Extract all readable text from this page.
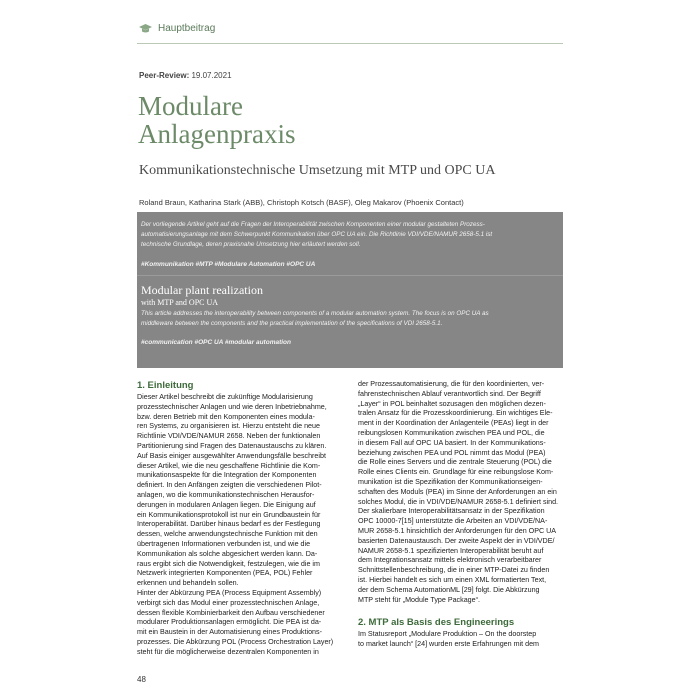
Hauptbeitrag
Peer-Review: 19.07.2021
Modulare
Anlagenpraxis
Kommunikationstechnische Umsetzung mit MTP und OPC UA
Roland Braun, Katharina Stark (ABB), Christoph Kotsch (BASF), Oleg Makarov (Phoenix Contact)
Der vorliegende Artikel geht auf die Fragen der Interoperabilität zwischen Komponenten einer modular gestalteten Prozess-
automatisierungsanlage mit dem Schwerpunkt Kommunikation über OPC UA ein. Die Richtlinie VDI/VDE/NAMUR 2658-5.1 ist
technische Grundlage, deren praxisnahe Umsetzung hier erläutert werden soll.
#Kommunikation #MTP #Modulare Automation #OPC UA
Modular plant realization
with MTP and OPC UA
This article addresses the interoperability between components of a modular automation system. The focus is on OPC UA as
middleware between the components and the practical implementation of the specifications of VDI 2658-5.1.
#communication #OPC UA #modular automation
1. Einleitung
Dieser Artikel beschreibt die zukünftige Modularisierung
prozesstechnischer Anlagen und wie deren Inbetriebnahme,
bzw. deren Betrieb mit den Komponenten eines modula-
ren Systems, zu organisieren ist. Hierzu entsteht die neue
Richtlinie VDI/VDE/NAMUR 2658. Neben der funktionalen
Partitionierung sind Fragen des Datenaustauschs zu klären.
Auf Basis einiger ausgewählter Anwendungsfälle beschreibt
dieser Artikel, wie die neu geschaffene Richtlinie die Kom-
munikationsaspekte für die Integration der Komponenten
definiert. In den Anfängen zeigten die verschiedenen Pilot-
anlagen, wo die kommunikationstechnischen Herausfor-
derungen in modularen Anlagen liegen. Die Einigung auf
ein Kommunikationsprotokoll ist nur ein Grundbaustein für
Interoperabilität. Darüber hinaus bedarf es der Festlegung
dessen, welche anwendungstechnische Funktion mit den
übertragenen Informationen verbunden ist, und wie die
Kommunikation als solche abgesichert werden kann. Da-
raus ergibt sich die Notwendigkeit, festzulegen, wie die im
Netzwerk integrierten Komponenten (PEA, POL) Fehler
erkennen und behandeln sollen.
Hinter der Abkürzung PEA (Process Equipment Assembly)
verbirgt sich das Modul einer prozesstechnischen Anlage,
dessen flexible Kombinierbarkeit den Aufbau verschiedener
modularer Produktionsanlagen ermöglicht. Die PEA ist da-
mit ein Baustein in der Automatisierung eines Produktions-
prozesses. Die Abkürzung POL (Process Orchestration Layer)
steht für die möglicherweise dezentralen Komponenten in
der Prozessautomatisierung, die für den koordinierten, ver-
fahrenstechnischen Ablauf verantwortlich sind. Der Begriff
„Layer“ in POL beinhaltet sozusagen den möglichen dezen-
tralen Ansatz für die Prozesskoordinierung. Ein wichtiges Ele-
ment in der Koordination der Anlagenteile (PEAs) liegt in der
reibungslosen Kommunikation zwischen PEA und POL, die
in diesem Fall auf OPC UA basiert. In der Kommunikations-
beziehung zwischen PEA und POL nimmt das Modul (PEA)
die Rolle eines Servers und die zentrale Steuerung (POL) die
Rolle eines Clients ein. Grundlage für eine reibungslose Kom-
munikation ist die Spezifikation der Kommunikationseigen-
schaften des Moduls (PEA) im Sinne der Anforderungen an ein
solches Modul, die in VDI/VDE/NAMUR 2658-5.1 definiert sind.
Der skalierbare Interoperabilitätsansatz in der Spezifikation
OPC 10000-7[15] unterstützte die Arbeiten an VDI/VDE/NA-
MUR 2658-5.1 hinsichtlich der Anforderungen für den OPC UA
basierten Datenaustausch. Der zweite Aspekt der in VDI/VDE/
NAMUR 2658-5.1 spezifizierten Interoperabilität beruht auf
dem Integrationsansatz mittels elektronisch verarbeitbarer
Schnittstellenbeschreibung, die in einer MTP-Datei zu finden
ist. Hierbei handelt es sich um einen XML formatierten Text,
der dem Schema AutomationML [29] folgt. Die Abkürzung
MTP steht für „Module Type Package“.
2. MTP als Basis des Engineerings
Im Statusreport „Modulare Produktion – On the doorstep
to market launch“ [24] wurden erste Erfahrungen mit dem
48
